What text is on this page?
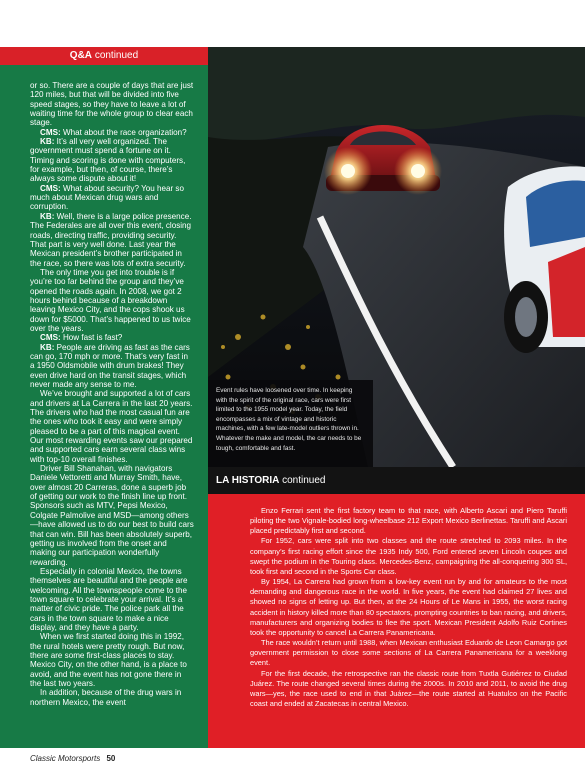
Q&A continued

or so. There are a couple of days that are just 120 miles, but that will be divided into five speed stages, so they have to leave a lot of waiting time for the whole group to clear each stage.

CMS: What about the race organization?

KB: It’s all very well organized. The government must spend a fortune on it. Timing and scoring is done with computers, for example, but then, of course, there’s always some dispute about it!

CMS: What about security? You hear so much about Mexican drug wars and corruption.

KB: Well, there is a large police presence. The Federales are all over this event, closing roads, directing traffic, providing security. That part is very well done. Last year the Mexican president’s brother participated in the race, so there was lots of extra security.

The only time you get into trouble is if you’re too far behind the group and they’ve opened the roads again. In 2008, we got 2 hours behind because of a breakdown leaving Mexico City, and the cops shook us down for $5000. That’s happened to us twice over the years.

CMS: How fast is fast?

KB: People are driving as fast as the cars can go, 170 mph or more. That’s very fast in a 1950 Oldsmobile with drum brakes! They even drive hard on the transit stages, which never made any sense to me.

We’ve brought and supported a lot of cars and drivers at La Carrera in the last 20 years. The drivers who had the most casual fun are the ones who took it easy and were simply pleased to be a part of this magical event. Our most rewarding events saw our prepared and supported cars earn several class wins with top-10 overall finishes.

Driver Bill Shanahan, with navigators Daniele Vettoretti and Murray Smith, have, over almost 20 Carreras, done a superb job of getting our work to the finish line up front. Sponsors such as MTV, Pepsi Mexico, Colgate Palmolive and MSD—among others—have allowed us to do our best to build cars that can win. Bill has been absolutely superb, getting us involved from the onset and making our participation wonderfully rewarding.

Especially in colonial Mexico, the towns themselves are beautiful and the people are welcoming. All the townspeople come to the town square to celebrate your arrival. It’s a matter of civic pride. The police park all the cars in the town square to make a nice display, and they have a party.

When we first started doing this in 1992, the rural hotels were pretty rough. But now, there are some first-class places to stay. Mexico City, on the other hand, is a place to avoid, and the event has not gone there in the last two years.

In addition, because of the drug wars in northern Mexico, the event

Event rules have loosened over time. In keeping with the spirit of the original race, cars were first limited to the 1955 model year. Today, the field encompasses a mix of vintage and historic machines, with a few late-model outliers thrown in. Whatever the make and model, the car needs to be tough, comfortable and fast.

LA HISTORIA continued

Enzo Ferrari sent the first factory team to that race, with Alberto Ascari and Piero Taruffi piloting the two Vignale-bodied long-wheelbase 212 Export Mexico Berlinettas. Taruffi and Ascari placed predictably first and second.

For 1952, cars were split into two classes and the route stretched to 2093 miles. In the company’s first racing effort since the 1935 Indy 500, Ford entered seven Lincoln coupes and swept the podium in the Touring class. Mercedes-Benz, campaigning the all-conquering 300 SL, took first and second in the Sports Car class.

By 1954, La Carrera had grown from a low-key event run by and for amateurs to the most demanding and dangerous race in the world. In five years, the event had claimed 27 lives and showed no signs of letting up. But then, at the 24 Hours of Le Mans in 1955, the worst racing accident in history killed more than 80 spectators, prompting countries to ban racing, and drivers, manufacturers and organizing bodies to flee the sport. Mexican President Adolfo Ruiz Cortines took the opportunity to cancel La Carrera Panamericana.

The race wouldn’t return until 1988, when Mexican enthusiast Eduardo de Leon Camargo got government permission to close some sections of La Carrera Panamericana for a weeklong event.

For the first decade, the retrospective ran the classic route from Tuxtla Gutiérrez to Ciudad Juárez. The route changed several times during the 2000s. In 2010 and 2011, to avoid the drug wars—yes, the race used to end in that Juárez—the route started at Huatulco on the Pacific coast and ended at Zacatecas in central Mexico.

Classic Motorsports 50
